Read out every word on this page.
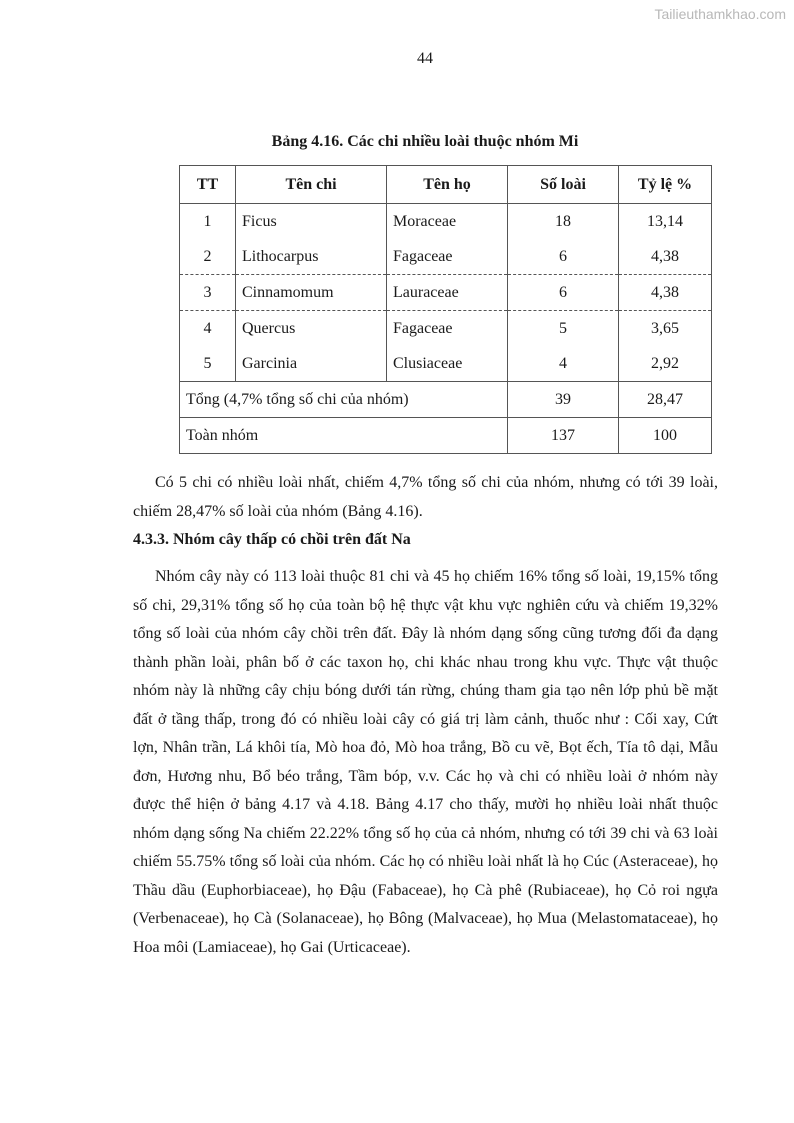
Tailieuthamkhao.com
44
Bảng 4.16. Các chi nhiều loài thuộc nhóm Mi
TT	Tên chi	Tên họ	Số loài	Tỷ lệ %
1	Ficus	Moraceae	18	13,14
2	Lithocarpus	Fagaceae	6	4,38
3	Cinnamomum	Lauraceae	6	4,38
4	Quercus	Fagaceae	5	3,65
5	Garcinia	Clusiaceae	4	2,92
Tổng (4,7% tổng số chi của nhóm)			39	28,47
Toàn nhóm			137	100

Có 5 chi có nhiều loài nhất, chiếm 4,7% tổng số chi của nhóm, nhưng có tới 39 loài, chiếm 28,47% số loài của nhóm (Bảng 4.16).

4.3.3. Nhóm cây thấp có chồi trên đất Na

Nhóm cây này có 113 loài thuộc 81 chi và 45 họ chiếm 16% tổng số loài, 19,15% tổng số chi, 29,31% tổng số họ của toàn bộ hệ thực vật khu vực nghiên cứu và chiếm 19,32% tổng số loài của nhóm cây chồi trên đất. Đây là nhóm dạng sống cũng tương đối đa dạng thành phần loài, phân bố ở các taxon họ, chi khác nhau trong khu vực. Thực vật thuộc nhóm này là những cây chịu bóng dưới tán rừng, chúng tham gia tạo nên lớp phủ bề mặt đất ở tầng thấp, trong đó có nhiều loài cây có giá trị làm cảnh, thuốc như : Cối xay, Cứt lợn, Nhân trần, Lá khôi tía, Mò hoa đỏ, Mò hoa trắng, Bồ cu vẽ, Bọt ếch, Tía tô dại, Mẫu đơn, Hương nhu, Bổ béo trắng, Tầm bóp, v.v. Các họ và chi có nhiều loài ở nhóm này được thể hiện ở bảng 4.17 và 4.18. Bảng 4.17 cho thấy, mười họ nhiều loài nhất thuộc nhóm dạng sống Na chiếm 22.22% tổng số họ của cả nhóm, nhưng có tới 39 chi và 63 loài chiếm 55.75% tổng số loài của nhóm. Các họ có nhiều loài nhất là họ Cúc (Asteraceae), họ Thầu dầu (Euphorbiaceae), họ Đậu (Fabaceae), họ Cà phê (Rubiaceae), họ Cỏ roi ngựa (Verbenaceae), họ Cà (Solanaceae), họ Bông (Malvaceae), họ Mua (Melastomataceae), họ Hoa môi (Lamiaceae), họ Gai (Urticaceae).
